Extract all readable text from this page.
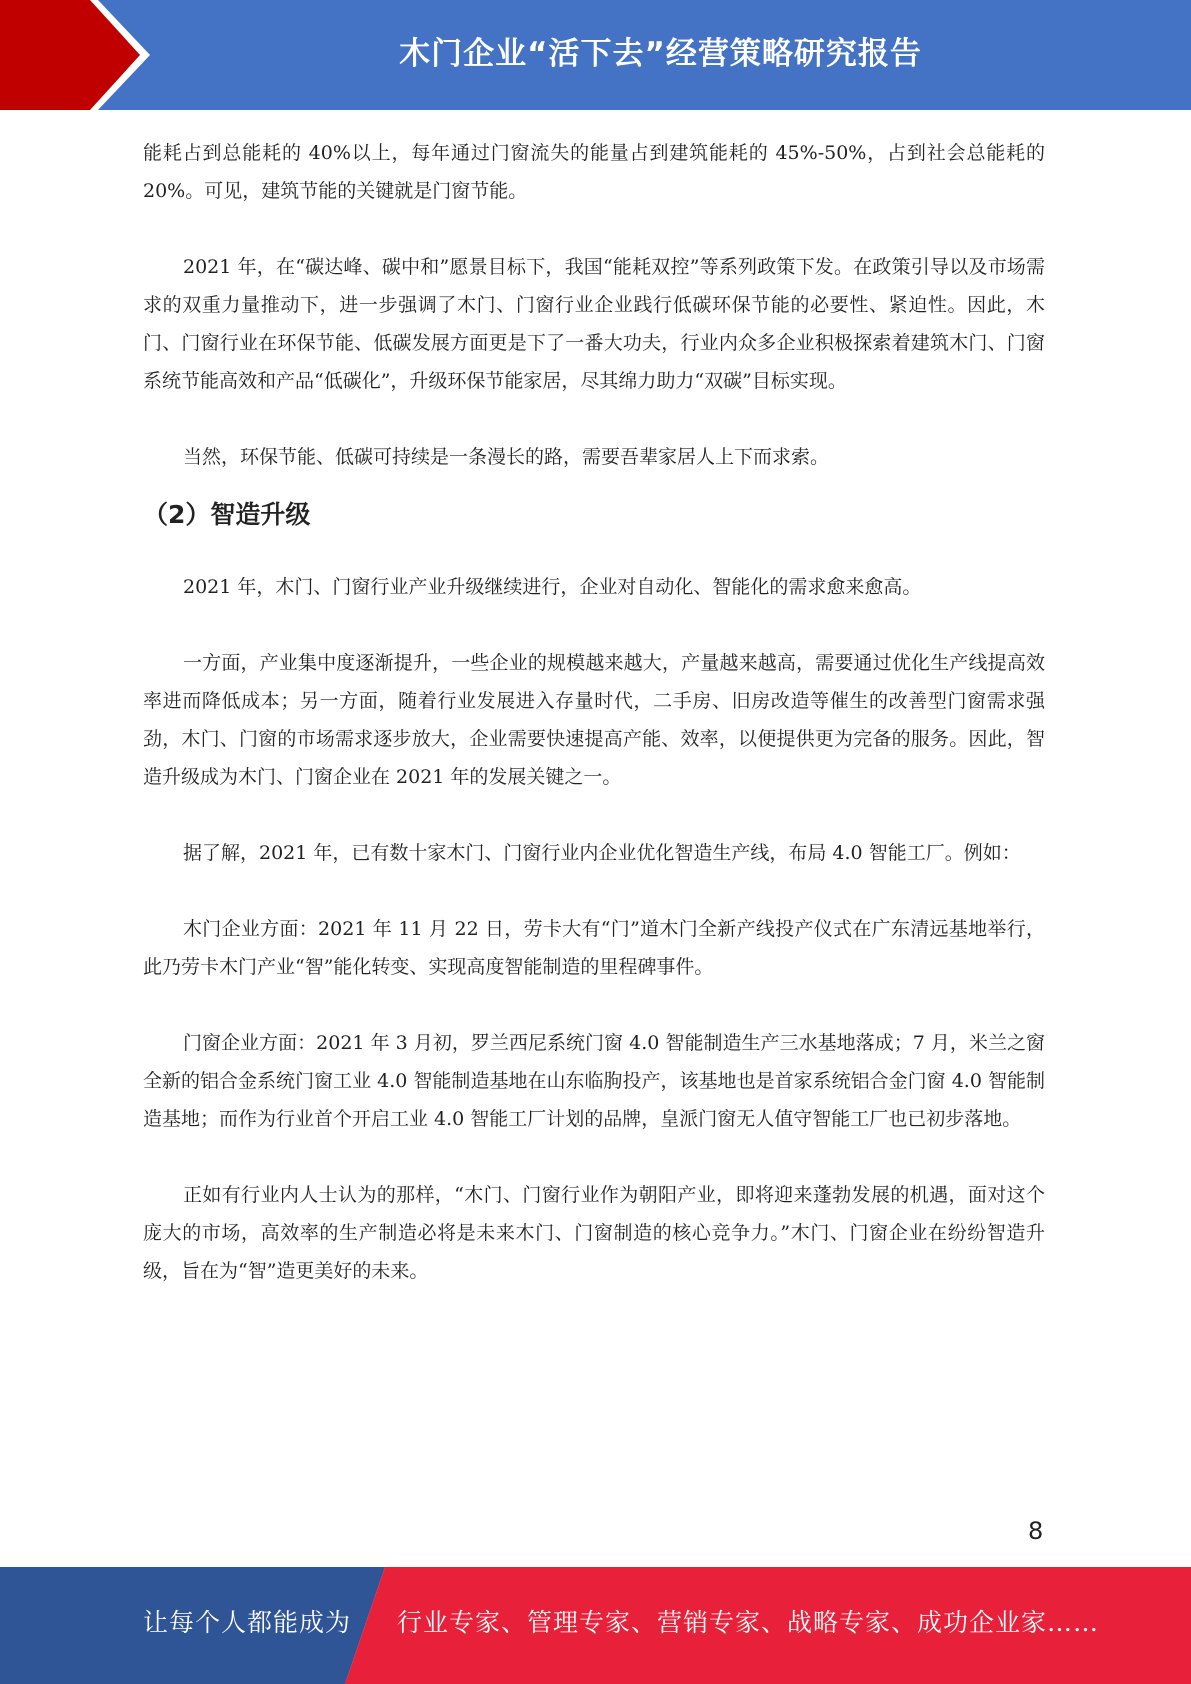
木门企业“活下去”经营策略研究报告

能耗占到总能耗的 40%以上，每年通过门窗流失的能量占到建筑能耗的 45%-50%，占到社会总能耗的 20%。可见，建筑节能的关键就是门窗节能。

2021 年，在“碳达峰、碳中和”愿景目标下，我国“能耗双控”等系列政策下发。在政策引导以及市场需求的双重力量推动下，进一步强调了木门、门窗行业企业践行低碳环保节能的必要性、紧迫性。因此，木门、门窗行业在环保节能、低碳发展方面更是下了一番大功夫，行业内众多企业积极探索着建筑木门、门窗系统节能高效和产品“低碳化”，升级环保节能家居，尽其绵力助力“双碳”目标实现。

当然，环保节能、低碳可持续是一条漫长的路，需要吾辈家居人上下而求索。

（2）智造升级

2021 年，木门、门窗行业产业升级继续进行，企业对自动化、智能化的需求愈来愈高。

一方面，产业集中度逐渐提升，一些企业的规模越来越大，产量越来越高，需要通过优化生产线提高效率进而降低成本；另一方面，随着行业发展进入存量时代，二手房、旧房改造等催生的改善型门窗需求强劲，木门、门窗的市场需求逐步放大，企业需要快速提高产能、效率，以便提供更为完备的服务。因此，智造升级成为木门、门窗企业在 2021 年的发展关键之一。

据了解，2021 年，已有数十家木门、门窗行业内企业优化智造生产线，布局 4.0 智能工厂。例如：

木门企业方面：2021 年 11 月 22 日，劳卡大有“门”道木门全新产线投产仪式在广东清远基地举行，此乃劳卡木门产业“智”能化转变、实现高度智能制造的里程碑事件。

门窗企业方面：2021 年 3 月初，罗兰西尼系统门窗 4.0 智能制造生产三水基地落成；7 月，米兰之窗全新的铝合金系统门窗工业 4.0 智能制造基地在山东临朐投产，该基地也是首家系统铝合金门窗 4.0 智能制造基地；而作为行业首个开启工业 4.0 智能工厂计划的品牌，皇派门窗无人值守智能工厂也已初步落地。

正如有行业内人士认为的那样，“木门、门窗行业作为朝阳产业，即将迎来蓬勃发展的机遇，面对这个庞大的市场，高效率的生产制造必将是未来木门、门窗制造的核心竞争力。”木门、门窗企业在纷纷智造升级，旨在为“智”造更美好的未来。

8
让每个人都能成为 行业专家、管理专家、营销专家、战略专家、成功企业家……
